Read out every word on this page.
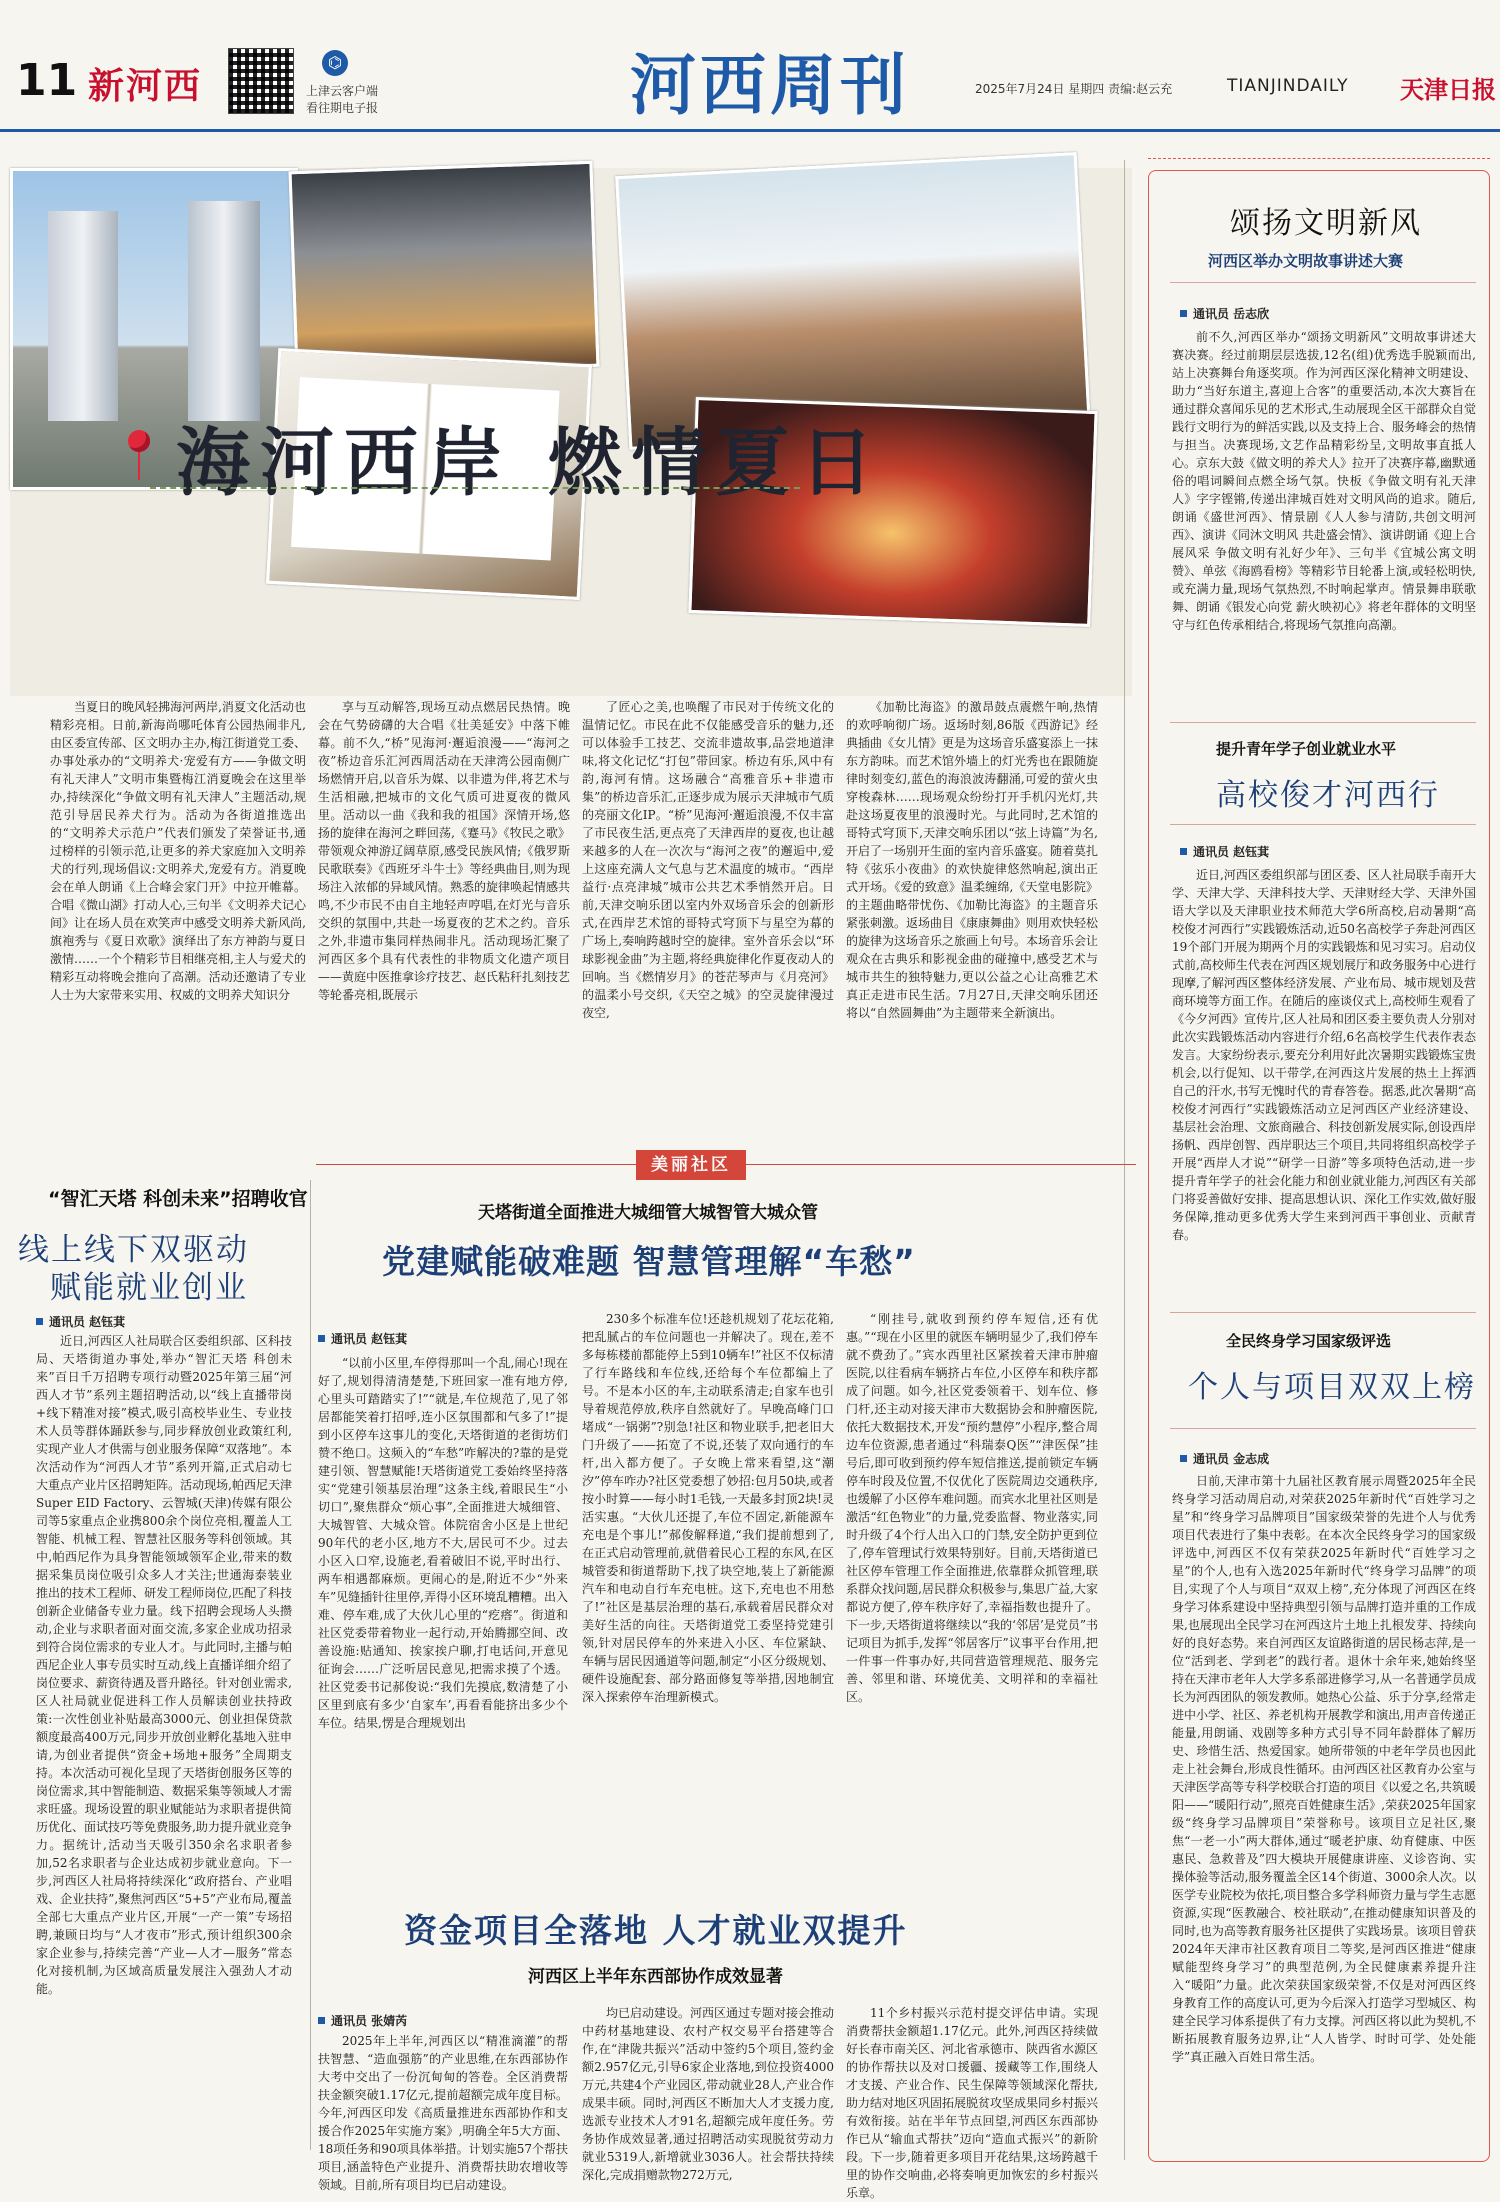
11 新河西
⌬
上津云客户端
看往期电子报	河西周刊	2025年7月24日 星期四 责编:赵云充	TIANJINDAILY 天津日报
海河西岸 燃情夏日

当夏日的晚风轻拂海河两岸,消夏文化活动也精彩亮相。日前,新海尚哪吒体育公园热闹非凡,由区委宣传部、区文明办主办,梅江街道党工委、办事处承办的“文明养犬·宠爱有方——争做文明有礼天津人”文明市集暨梅江消夏晚会在这里举办,持续深化“争做文明有礼天津人”主题活动,规范引导居民养犬行为。活动为各街道推选出的“文明养犬示范户”代表们颁发了荣誉证书,通过榜样的引领示范,让更多的养犬家庭加入文明养犬的行列,现场倡议:文明养犬,宠爱有方。消夏晚会在单人朗诵《上合峰会家门开》中拉开帷幕。合唱《微山湖》打动人心,三句半《文明养犬记心间》让在场人员在欢笑声中感受文明养犬新风尚,旗袍秀与《夏日欢歌》演绎出了东方神韵与夏日激情……一个个精彩节目相继亮相,主人与爱犬的精彩互动将晚会推向了高潮。活动还邀请了专业人士为大家带来实用、权威的文明养犬知识分

享与互动解答,现场互动点燃居民热情。晚会在气势磅礴的大合唱《壮美延安》中落下帷幕。前不久,“桥”见海河·邂逅浪漫——“海河之夜”桥边音乐汇河西周活动在天津湾公园南侧广场燃情开启,以音乐为媒、以非遗为伴,将艺术与生活相融,把城市的文化气质可进夏夜的微风里。活动以一曲《我和我的祖国》深情开场,悠扬的旋律在海河之畔回荡,《蹇马》《牧民之歌》带领观众神游辽阔草原,感受民族风情;《俄罗斯民歌联奏》《西班牙斗牛士》等经典曲目,则为现场注入浓郁的异域风情。熟悉的旋律唤起情感共鸣,不少市民不由自主地轻声哼唱,在灯光与音乐交织的氛围中,共赴一场夏夜的艺术之约。音乐之外,非遗市集同样热闹非凡。活动现场汇聚了河西区多个具有代表性的非物质文化遗产项目——黄庭中医推拿诊疗技艺、赵氏粘秆扎刻技艺等轮番亮相,既展示

了匠心之美,也唤醒了市民对于传统文化的温情记忆。市民在此不仅能感受音乐的魅力,还可以体验手工技艺、交流非遗故事,品尝地道津味,将文化记忆“打包”带回家。桥边有乐,风中有韵,海河有情。这场融合“高雅音乐+非遗市集”的桥边音乐汇,正逐步成为展示天津城市气质的亮丽文化IP。“桥”见海河·邂逅浪漫,不仅丰富了市民夜生活,更点亮了天津西岸的夏夜,也让越来越多的人在一次次与“海河之夜”的邂逅中,爱上这座充满人文气息与艺术温度的城市。“西岸益行·点亮津城”城市公共艺术季悄然开启。日前,天津交响乐团以室内外双场音乐会的创新形式,在西岸艺术馆的哥特式穹顶下与星空为幕的广场上,奏响跨越时空的旋律。室外音乐会以“环球影视金曲”为主题,将经典旋律化作夏夜动人的回响。当《燃情岁月》的苍茫琴声与《月亮河》的温柔小号交织,《天空之城》的空灵旋律漫过夜空,

《加勒比海盗》的激昂鼓点震燃午响,热情的欢呼响彻广场。返场时刻,86版《西游记》经典插曲《女儿情》更是为这场音乐盛宴添上一抹东方韵味。而艺术馆外墙上的灯光秀也在跟随旋律时刻变幻,蓝色的海浪波涛翻涌,可爱的萤火虫穿梭森林……现场观众纷纷打开手机闪光灯,共赴这场夏夜里的浪漫时光。与此同时,艺术馆的哥特式穹顶下,天津交响乐团以“弦上诗篇”为名,开启了一场别开生面的室内音乐盛宴。随着莫扎特《弦乐小夜曲》的欢快旋律悠然响起,演出正式开场。《爱的致意》温柔缠绵,《天堂电影院》的主题曲略带忧伤、《加勒比海盗》的主题音乐紧张刺激。返场曲目《康康舞曲》则用欢快轻松的旋律为这场音乐之旅画上句号。本场音乐会让观众在古典乐和影视金曲的碰撞中,感受艺术与城市共生的独特魅力,更以公益之心让高雅艺术真正走进市民生活。7月27日,天津交响乐团还将以“自然圆舞曲”为主题带来全新演出。

“智汇天塔 科创未来”招聘收官
线上线下双驱动
赋能就业创业
通讯员 赵钰萁

近日,河西区人社局联合区委组织部、区科技局、天塔街道办事处,举办“智汇天塔 科创未来”百日千万招聘专项行动暨2025年第三届“河西人才节”系列主题招聘活动,以“线上直播带岗+线下精准对接”模式,吸引高校毕业生、专业技术人员等群体踊跃参与,同步释放创业政策红利,实现产业人才供需与创业服务保障“双落地”。本次活动作为“河西人才节”系列开篇,正式启动七大重点产业片区招聘矩阵。活动现场,帕西尼天津Super EID Factory、云智城(天津)传媒有限公司等5家重点企业携800余个岗位亮相,覆盖人工智能、机械工程、智慧社区服务等科创领域。其中,帕西尼作为具身智能领域领军企业,带来的数据采集员岗位吸引众多人才关注;世通海泰装业推出的技术工程师、研发工程师岗位,匹配了科技创新企业储备专业力量。线下招聘会现场人头攒动,企业与求职者面对面交流,多家企业成功招录到符合岗位需求的专业人才。与此同时,主播与帕西尼企业人事专员实时互动,线上直播详细介绍了岗位要求、薪资待遇及晋升路径。针对创业需求,区人社局就业促进科工作人员解读创业扶持政策:一次性创业补贴最高3000元、创业担保贷款额度最高400万元,同步开放创业孵化基地入驻申请,为创业者提供“资金+场地+服务”全周期支持。本次活动可视化呈现了天塔街创服务区等的岗位需求,其中智能制造、数据采集等领域人才需求旺盛。现场设置的职业赋能站为求职者提供简历优化、面试技巧等免费服务,助力提升就业竞争力。据统计,活动当天吸引350余名求职者参加,52名求职者与企业达成初步就业意向。下一步,河西区人社局将持续深化“政府搭台、产业唱戏、企业扶持”,聚焦河西区“5+5”产业布局,覆盖全部七大重点产业片区,开展“一产一策”专场招聘,兼顾日均与“人才夜市”形式,预计组织300余家企业参与,持续完善“产业—人才—服务”常态化对接机制,为区域高质量发展注入强劲人才动能。

美丽社区
天塔街道全面推进大城细管大城智管大城众管
党建赋能破难题 智慧管理解“车愁”
通讯员 赵钰萁

“以前小区里,车停得那叫一个乱,闹心!现在好了,规划得清清楚楚,下班回家一准有地方停,心里头可踏踏实了!”“就是,车位规范了,见了邻居都能笑着打招呼,连小区氛围都和气多了!”提到小区停车这事儿的变化,天塔街道的老街坊们赞不绝口。这频入的“车愁”咋解决的?靠的是党建引领、智慧赋能!天塔街道党工委始终坚持落实“党建引领基层治理”这条主线,着眼民生“小切口”,聚焦群众“烦心事”,全面推进大城细管、大城智管、大城众管。体院宿舍小区是上世纪90年代的老小区,地方不大,居民可不少。过去小区入口窄,设施老,看着破旧不说,平时出行、两车相遇都麻烦。更闹心的是,附近不少“外来车”见缝插针往里停,弄得小区环境乱糟糟。出入难、停车难,成了大伙儿心里的“疙瘩”。街道和社区党委带着物业一起行动,开始腾挪空间、改善设施:贴通知、挨家挨户聊,打电话问,开意见征询会……广泛听居民意见,把需求摸了个透。社区党委书记郝俊说:“我们先摸底,数清楚了小区里到底有多少‘自家车’,再看看能挤出多少个车位。结果,愣是合理规划出

230多个标准车位!还趁机规划了花坛花箱,把乱腻占的车位问题也一并解决了。现在,差不多每栋楼前都能停上5到10辆车!”社区不仅标清了行车路线和车位线,还给每个车位都编上了号。不是本小区的车,主动联系清走;自家车也引导着规范停放,秩序自然就好了。早晚高峰门口堵成“一锅粥”?别急!社区和物业联手,把老旧大门升级了——拓宽了不说,还装了双向通行的车杆,出入都方便了。子女晚上常来看望,这“潮汐”停车咋办?社区党委想了妙招:包月50块,或者按小时算——每小时1毛钱,一天最多封顶2块!灵活实惠。“大伙儿还提了,车位不固定,新能源车充电是个事儿!”郝俊解释道,“我们提前想到了,在正式启动管理前,就借着民心工程的东风,在区城管委和街道帮助下,找了块空地,装上了新能源汽车和电动自行车充电桩。这下,充电也不用愁了!”社区是基层治理的基石,承载着居民群众对美好生活的向往。天塔街道党工委坚持党建引领,针对居民停车的外来进入小区、车位紧缺、车辆与居民因通道等问题,制定“小区分级规划、硬件设施配套、部分路面修复等举措,因地制宜深入探索停车治理新模式。

“刚挂号,就收到预约停车短信,还有优惠。”“现在小区里的就医车辆明显少了,我们停车就不费劲了。”宾水西里社区紧挨着天津市肿瘤医院,以往看病车辆挤占车位,小区停车和秩序都成了问题。如今,社区党委领着干、划车位、修门杆,还主动对接天津市大数据协会和肿瘤医院,依托大数据技术,开发“预约慧停”小程序,整合周边车位资源,患者通过“科瑞泰Q医”“津医保”挂号后,即可收到预约停车短信推送,提前锁定车辆停车时段及位置,不仅优化了医院周边交通秩序,也缓解了小区停车难问题。而宾水北里社区则是激活“红色物业”的力量,党委监督、物业落实,同时升级了4个行人出入口的门禁,安全防护更到位了,停车管理试行效果特别好。目前,天塔街道已社区停车管理工作全面推进,依靠群众抓管理,联系群众找问题,居民群众积极参与,集思广益,大家都说方便了,停车秩序好了,幸福指数也提升了。下一步,天塔街道将继续以“我的‘邻居’是党员”书记项目为抓手,发挥“邻居客厅”议事平台作用,把一件事一件事办好,共同营造管理规范、服务完善、邻里和谐、环境优美、文明祥和的幸福社区。

资金项目全落地 人才就业双提升
河西区上半年东西部协作成效显著
通讯员 张婧芮

2025年上半年,河西区以“精准滴灌”的帮扶智慧、“造血强筋”的产业思维,在东西部协作大考中交出了一份沉甸甸的答卷。全区消费帮扶金额突破1.17亿元,提前超额完成年度目标。今年,河西区印发《高质量推进东西部协作和支援合作2025年实施方案》,明确全年5大方面、18项任务和90项具体举措。计划实施57个帮扶项目,涵盖特色产业提升、消费帮扶助农增收等领域。目前,所有项目均已启动建设。

均已启动建设。河西区通过专题对接会推动中药材基地建设、农村产权交易平台搭建等合作,在“津陇共振兴”活动中签约5个项目,签约金额2.957亿元,引导6家企业落地,到位投资4000万元,共建4个产业园区,带动就业28人,产业合作成果丰硕。同时,河西区不断加大人才支援力度,选派专业技术人才91名,超额完成年度任务。劳务协作成效显著,通过招聘活动实现脱贫劳动力就业5319人,新增就业3036人。社会帮扶持续深化,完成捐赠款物272万元,

11个乡村振兴示范村提交评估申请。实现消费帮扶金额超1.17亿元。此外,河西区持续做好长春市南关区、河北省承德市、陕西省水源区的协作帮扶以及对口援疆、援藏等工作,围绕人才支援、产业合作、民生保障等领域深化帮扶,助力结对地区巩固拓展脱贫攻坚成果同乡村振兴有效衔接。站在半年节点回望,河西区东西部协作已从“输血式帮扶”迈向“造血式振兴”的新阶段。下一步,随着更多项目开花结果,这场跨越千里的协作交响曲,必将奏响更加恢宏的乡村振兴乐章。

颂扬文明新风
河西区举办文明故事讲述大赛
通讯员 岳志欣

前不久,河西区举办“颂扬文明新风”文明故事讲述大赛决赛。经过前期层层选拔,12名(组)优秀选手脱颖而出,站上决赛舞台角逐奖项。作为河西区深化精神文明建设、助力“当好东道主,喜迎上合客”的重要活动,本次大赛旨在通过群众喜闻乐见的艺术形式,生动展现全区干部群众自觉践行文明行为的鲜活实践,以及支持上合、服务峰会的热情与担当。决赛现场,文艺作品精彩纷呈,文明故事直抵人心。京东大鼓《做文明的养犬人》拉开了决赛序幕,幽默通俗的唱词瞬间点燃全场气氛。快板《争做文明有礼天津人》字字铿锵,传递出津城百姓对文明风尚的追求。随后,朗诵《盛世河西》、情景剧《人人参与清防,共创文明河西》、演讲《同沐文明风 共赴盛会情》、演讲朗诵《迎上合 展风采 争做文明有礼好少年》、三句半《宜城公寓文明赞》、单弦《海鸥看榜》等精彩节目轮番上演,或轻松明快,或充满力量,现场气氛热烈,不时响起掌声。情景舞串联歌舞、朗诵《银发心向党 薪火映初心》将老年群体的文明坚守与红色传承相结合,将现场气氛推向高潮。

提升青年学子创业就业水平
高校俊才河西行
通讯员 赵钰萁

近日,河西区委组织部与团区委、区人社局联手南开大学、天津大学、天津科技大学、天津财经大学、天津外国语大学以及天津职业技术师范大学6所高校,启动暑期“高校俊才河西行”实践锻炼活动,近50名高校学子奔赴河西区19个部门开展为期两个月的实践锻炼和见习实习。启动仪式前,高校师生代表在河西区规划展厅和政务服务中心进行现摩,了解河西区整体经济发展、产业布局、城市规划及营商环境等方面工作。在随后的座谈仪式上,高校师生观看了《今夕河西》宣传片,区人社局和团区委主要负责人分别对此次实践锻炼活动内容进行介绍,6名高校学生代表作表态发言。大家纷纷表示,要充分利用好此次暑期实践锻炼宝贵机会,以行促知、以干带学,在河西这片发展的热土上挥洒自己的汗水,书写无愧时代的青春答卷。据悉,此次暑期“高校俊才河西行”实践锻炼活动立足河西区产业经济建设、基层社会治理、文旅商融合、科技创新发展实际,创设西岸扬帆、西岸创智、西岸职达三个项目,共同将组织高校学子开展“西岸人才说”“研学一日游”等多项特色活动,进一步提升青年学子的社会化能力和创业就业能力,河西区有关部门将妥善做好安排、提高思想认识、深化工作实效,做好服务保障,推动更多优秀大学生来到河西干事创业、贡献青春。

全民终身学习国家级评选
个人与项目双双上榜
通讯员 金志成

日前,天津市第十九届社区教育展示周暨2025年全民终身学习活动周启动,对荣获2025年新时代“百姓学习之星”和“终身学习品牌项目”国家级荣誉的先进个人与优秀项目代表进行了集中表彰。在本次全民终身学习的国家级评选中,河西区不仅有荣获2025年新时代“百姓学习之星”的个人,也有入选2025年新时代“终身学习品牌”的项目,实现了个人与项目“双双上榜”,充分体现了河西区在终身学习体系建设中坚持典型引领与品牌打造并重的工作成果,也展现出全民学习在河西这片土地上扎根发芽、持续向好的良好态势。来自河西区友谊路街道的居民杨志萍,是一位“活到老、学到老”的践行者。退休十余年来,她始终坚持在天津市老年人大学多系部进修学习,从一名普通学员成长为河西团队的领发教师。她热心公益、乐于分享,经常走进中小学、社区、养老机构开展教学和演出,用声音传递正能量,用朗诵、戏剧等多种方式引导不同年龄群体了解历史、珍惜生活、热爱国家。她所带领的中老年学员也因此走上社会舞台,形成良性循环。由河西区社区教育办公室与天津医学高等专科学校联合打造的项目《以爱之名,共筑暖阳——“暖阳行动”,照亮百姓健康生活》,荣获2025年国家级“终身学习品牌项目”荣誉称号。该项目立足社区,聚焦“一老一小”两大群体,通过“暖老护康、幼育健康、中医惠民、急救普及”四大模块开展健康讲座、义诊咨询、实操体验等活动,服务覆盖全区14个街道、3000余人次。以医学专业院校为依托,项目整合多学科师资力量与学生志愿资源,实现“医教融合、校社联动”,在推动健康知识普及的同时,也为高等教育服务社区提供了实践场景。该项目曾获2024年天津市社区教育项目二等奖,是河西区推进“健康赋能型终身学习”的典型范例,为全民健康素养提升注入“暖阳”力量。此次荣获国家级荣誉,不仅是对河西区终身教育工作的高度认可,更为今后深入打造学习型城区、构建全民学习体系提供了有力支撑。河西区将以此为契机,不断拓展教育服务边界,让“人人皆学、时时可学、处处能学”真正融入百姓日常生活。
